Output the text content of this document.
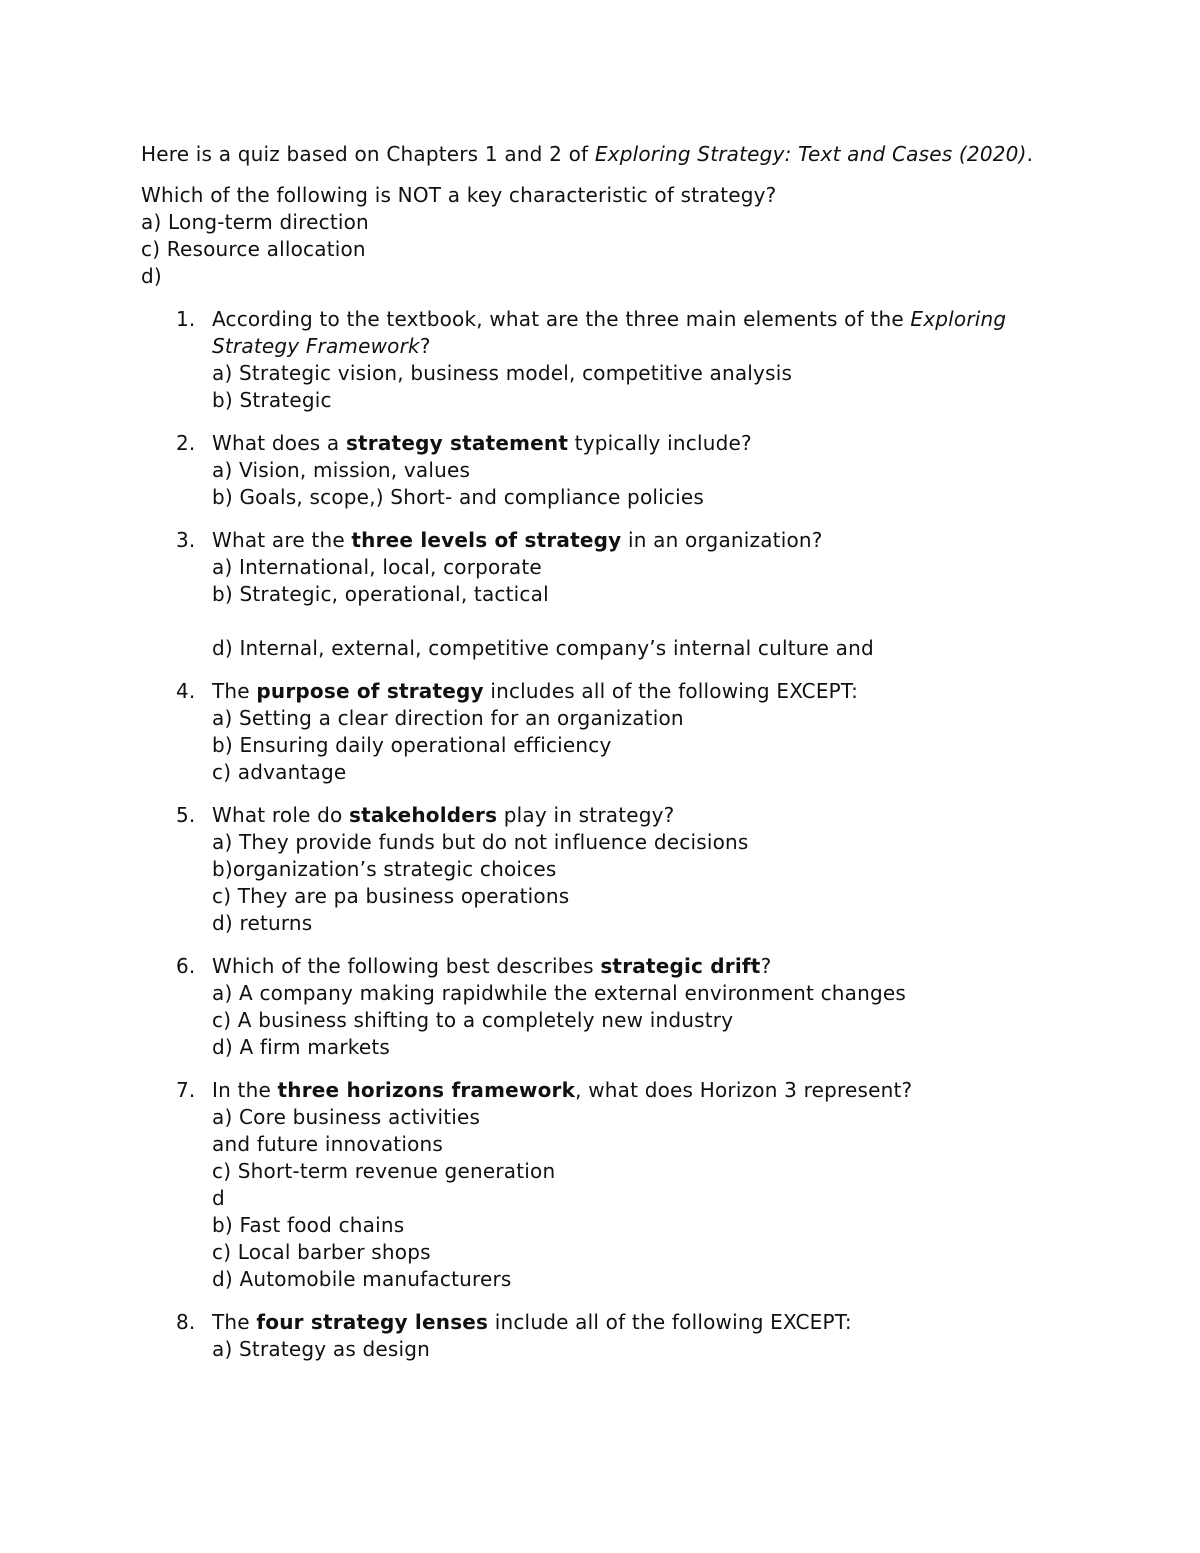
Here is a quiz based on Chapters 1 and 2 of Exploring Strategy: Text and Cases (2020).
Which of the following is NOT a key characteristic of strategy?
a) Long-term direction
c) Resource allocation
d)
1. According to the textbook, what are the three main elements of the Exploring Strategy Framework?
a) Strategic vision, business model, competitive analysis
b) Strategic
2. What does a strategy statement typically include?
a) Vision, mission, values
b) Goals, scope,) Short- and compliance policies
3. What are the three levels of strategy in an organization?
a) International, local, corporate
b) Strategic, operational, tactical
d) Internal, external, competitive company’s internal culture and
4. The purpose of strategy includes all of the following EXCEPT:
a) Setting a clear direction for an organization
b) Ensuring daily operational efficiency
c) advantage
5. What role do stakeholders play in strategy?
a) They provide funds but do not influence decisions
b)organization’s strategic choices
c) They are pa business operations
d) returns
6. Which of the following best describes strategic drift?
a) A company making rapidwhile the external environment changes
c) A business shifting to a completely new industry
d) A firm markets
7. In the three horizons framework, what does Horizon 3 represent?
a) Core business activities
and future innovations
c) Short-term revenue generation
d
b) Fast food chains
c) Local barber shops
d) Automobile manufacturers
8. The four strategy lenses include all of the following EXCEPT:
a) Strategy as design
